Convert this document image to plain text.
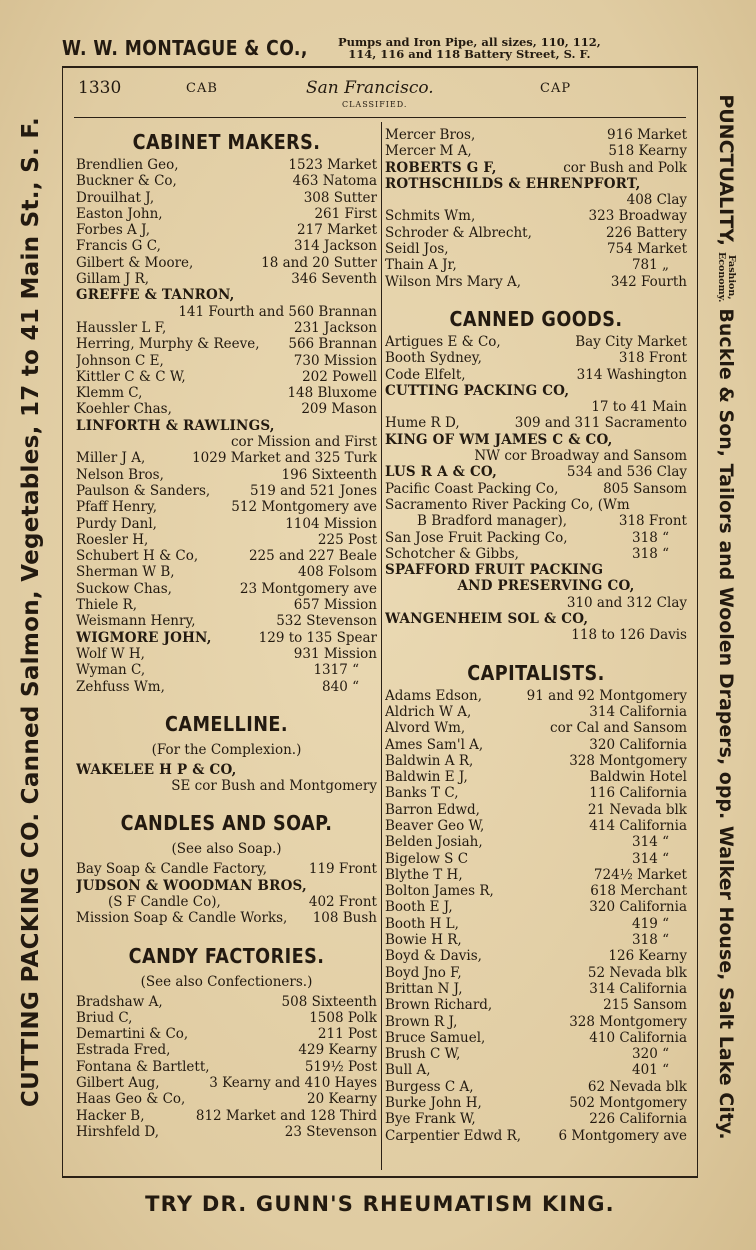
W. W. MONTAGUE & CO.,	Pumps and Iron Pipe, all sizes, 110, 112,
114, 116 and 118 Battery Street, S. F.
1330	CAB	San Francisco.	CAP
CLASSIFIED.
CABINET MAKERS.
Brendlien Geo,	1523 Market
Buckner & Co,	463 Natoma
Drouilhat J,	308 Sutter
Easton John,	261 First
Forbes A J,	217 Market
Francis G C,	314 Jackson
Gilbert & Moore,	18 and 20 Sutter
Gillam J R,	346 Seventh
GREFFE & TANRON,
141 Fourth and 560 Brannan
Haussler L F,	231 Jackson
Herring, Murphy & Reeve, 566 Brannan
Johnson C E,	730 Mission
Kittler C & C W,	202 Powell
Klemm C,	148 Bluxome
Koehler Chas,	209 Mason
LINFORTH & RAWLINGS,
cor Mission and First
Miller J A,	1029 Market and 325 Turk
Nelson Bros,	196 Sixteenth
Paulson & Sanders,	519 and 521 Jones
Pfaff Henry,	512 Montgomery ave
Purdy Danl,	1104 Mission
Roesler H,	225 Post
Schubert H & Co,	225 and 227 Beale
Sherman W B,	408 Folsom
Suckow Chas,	23 Montgomery ave
Thiele R,	657 Mission
Weismann Henry,	532 Stevenson
WIGMORE JOHN,	129 to 135 Spear
Wolf W H,	931 Mission
Wyman C,	1317 “
Zehfuss Wm,	840 “
CAMELLINE.
(For the Complexion.)
WAKELEE H P & CO,
SE cor Bush and Montgomery
CANDLES AND SOAP.
(See also Soap.)
Bay Soap & Candle Factory,	119 Front
JUDSON & WOODMAN BROS,
(S F Candle Co),	402 Front
Mission Soap & Candle Works, 108 Bush
CANDY FACTORIES.
(See also Confectioners.)
Bradshaw A,	508 Sixteenth
Briud C,	1508 Polk
Demartini & Co,	211 Post
Estrada Fred,	429 Kearny
Fontana & Bartlett,	519½ Post
Gilbert Aug,	3 Kearny and 410 Hayes
Haas Geo & Co,	20 Kearny
Hacker B,	812 Market and 128 Third
Hirshfeld D,	23 Stevenson
Mercer Bros,	916 Market
Mercer M A,	518 Kearny
ROBERTS G F,	cor Bush and Polk
ROTHSCHILDS & EHRENPFORT,
408 Clay
Schmits Wm,	323 Broadway
Schroder & Albrecht,	226 Battery
Seidl Jos,	754 Market
Thain A Jr,	781 „
Wilson Mrs Mary A,	342 Fourth
CANNED GOODS.
Artigues E & Co,	Bay City Market
Booth Sydney,	318 Front
Code Elfelt,	314 Washington
CUTTING PACKING CO,
17 to 41 Main
Hume R D,	309 and 311 Sacramento
KING OF WM JAMES C & CO,
NW cor Broadway and Sansom
LUS R A & CO,	534 and 536 Clay
Pacific Coast Packing Co,	805 Sansom
Sacramento River Packing Co, (Wm
B Bradford manager),	318 Front
San Jose Fruit Packing Co,	318 “
Schotcher & Gibbs,	318 “
SPAFFORD FRUIT PACKING
AND PRESERVING CO,
310 and 312 Clay
WANGENHEIM SOL & CO,
118 to 126 Davis
CAPITALISTS.
Adams Edson,	91 and 92 Montgomery
Aldrich W A,	314 California
Alvord Wm,	cor Cal and Sansom
Ames Sam'l A,	320 California
Baldwin A R,	328 Montgomery
Baldwin E J,	Baldwin Hotel
Banks T C,	116 California
Barron Edwd,	21 Nevada blk
Beaver Geo W,	414 California
Belden Josiah,	314 “
Bigelow S C	314 “
Blythe T H,	724½ Market
Bolton James R,	618 Merchant
Booth E J,	320 California
Booth H L,	419 “
Bowie H R,	318 “
Boyd & Davis,	126 Kearny
Boyd Jno F,	52 Nevada blk
Brittan N J,	314 California
Brown Richard,	215 Sansom
Brown R J,	328 Montgomery
Bruce Samuel,	410 California
Brush C W,	320 “
Bull A,	401 “
Burgess C A,	62 Nevada blk
Burke John H,	502 Montgomery
Bye Frank W,	226 California
Carpentier Edwd R,	6 Montgomery ave
CUTTING PACKING CO. Canned Salmon, Vegetables, 17 to 41 Main St., S. F.	PUNCTUALITY,
Fashion,
Economy.
Buckle & Son, Tailors and Woolen Drapers, opp. Walker House, Salt Lake City.
TRY DR. GUNN'S RHEUMATISM KING.
